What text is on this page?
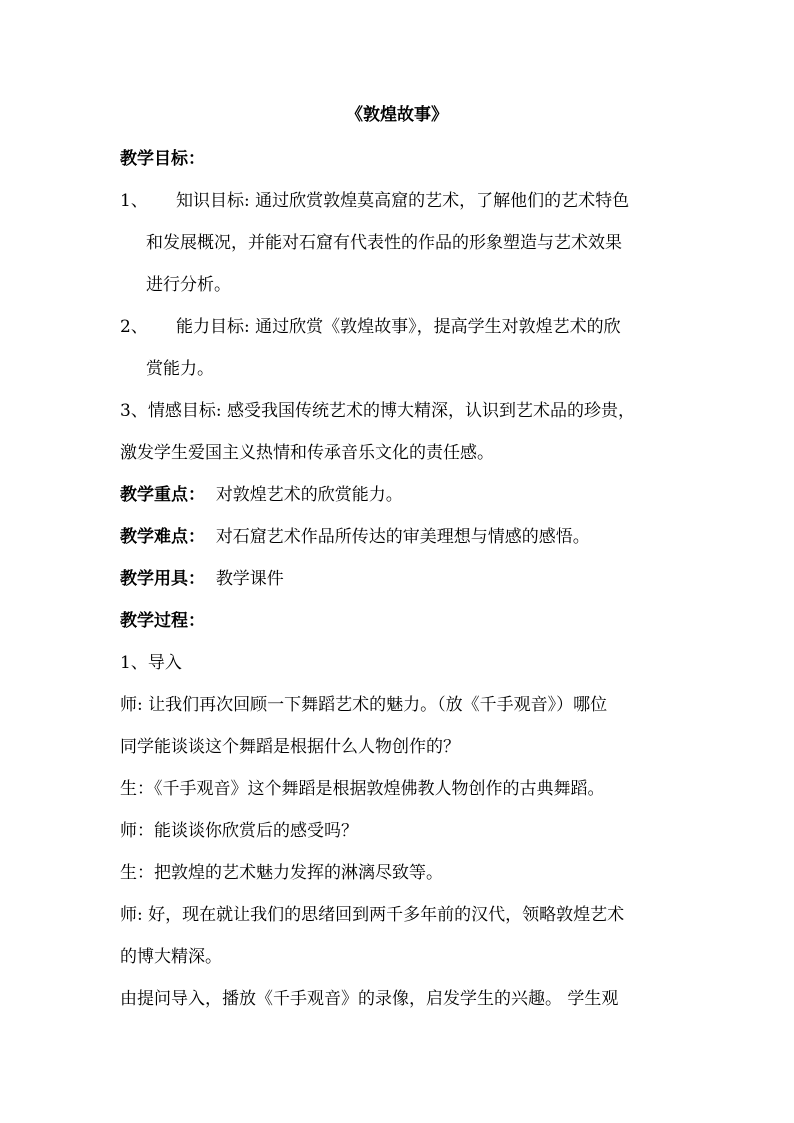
《敦煌故事》
教学目标：
1、 知识目标: 通过欣赏敦煌莫高窟的艺术，了解他们的艺术特色
和发展概况，并能对石窟有代表性的作品的形象塑造与艺术效果
进行分析。
2、 能力目标: 通过欣赏《敦煌故事》，提高学生对敦煌艺术的欣
赏能力。
3、情感目标: 感受我国传统艺术的博大精深，认识到艺术品的珍贵，
激发学生爱国主义热情和传承音乐文化的责任感。
教学重点： 对敦煌艺术的欣赏能力。
教学难点： 对石窟艺术作品所传达的审美理想与情感的感悟。
教学用具： 教学课件
教学过程：
1、导入
师: 让我们再次回顾一下舞蹈艺术的魅力。（放《千手观音》）哪位
同学能谈谈这个舞蹈是根据什么人物创作的？
生：《千手观音》这个舞蹈是根据敦煌佛教人物创作的古典舞蹈。
师：能谈谈你欣赏后的感受吗？
生：把敦煌的艺术魅力发挥的淋漓尽致等。
师: 好，现在就让我们的思绪回到两千多年前的汉代，领略敦煌艺术
的博大精深。
由提问导入，播放《千手观音》的录像，启发学生的兴趣。 学生观
